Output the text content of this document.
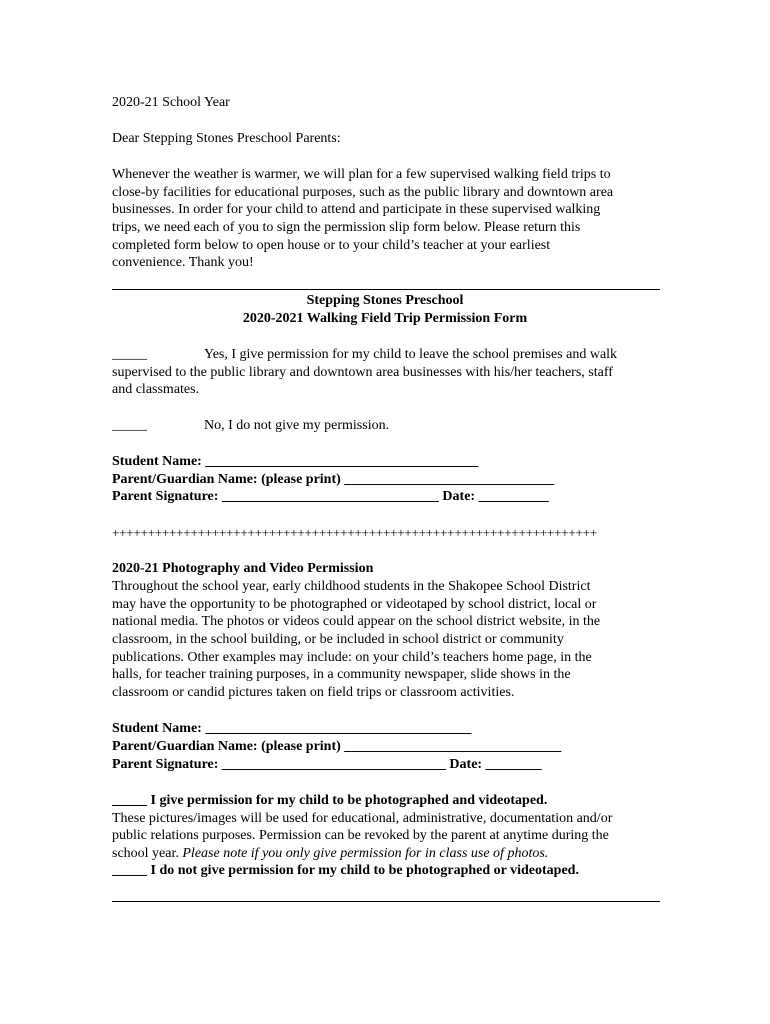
2020-21 School Year

Dear Stepping Stones Preschool Parents:

Whenever the weather is warmer, we will plan for a few supervised walking field trips to

close-by facilities for educational purposes, such as the public library and downtown area

businesses. In order for your child to attend and participate in these supervised walking

trips, we need each of you to sign the permission slip form below. Please return this

completed form below to open house or to your child’s teacher at your earliest

convenience. Thank you!

Stepping Stones Preschool

2020-2021 Walking Field Trip Permission Form

_____	Yes, I give permission for my child to leave the school premises and walk

supervised to the public library and downtown area businesses with his/her teachers, staff

and classmates.

_____	No, I do not give my permission.

Student Name: _______________________________________

Parent/Guardian Name: (please print) ______________________________

Parent Signature: _______________________________ Date: __________

++++++++++++++++++++++++++++++++++++++++++++++++++++++++++++++++++++

2020-21 Photography and Video Permission

Throughout the school year, early childhood students in the Shakopee School District

may have the opportunity to be photographed or videotaped by school district, local or

national media. The photos or videos could appear on the school district website, in the

classroom, in the school building, or be included in school district or community

publications. Other examples may include: on your child’s teachers home page, in the

halls, for teacher training purposes, in a community newspaper, slide shows in the

classroom or candid pictures taken on field trips or classroom activities.

Student Name: ______________________________________

Parent/Guardian Name: (please print) _______________________________

Parent Signature: ________________________________ Date: ________

_____ I give permission for my child to be photographed and videotaped.

These pictures/images will be used for educational, administrative, documentation and/or

public relations purposes. Permission can be revoked by the parent at anytime during the

school year. Please note if you only give permission for in class use of photos.

_____ I do not give permission for my child to be photographed or videotaped.
